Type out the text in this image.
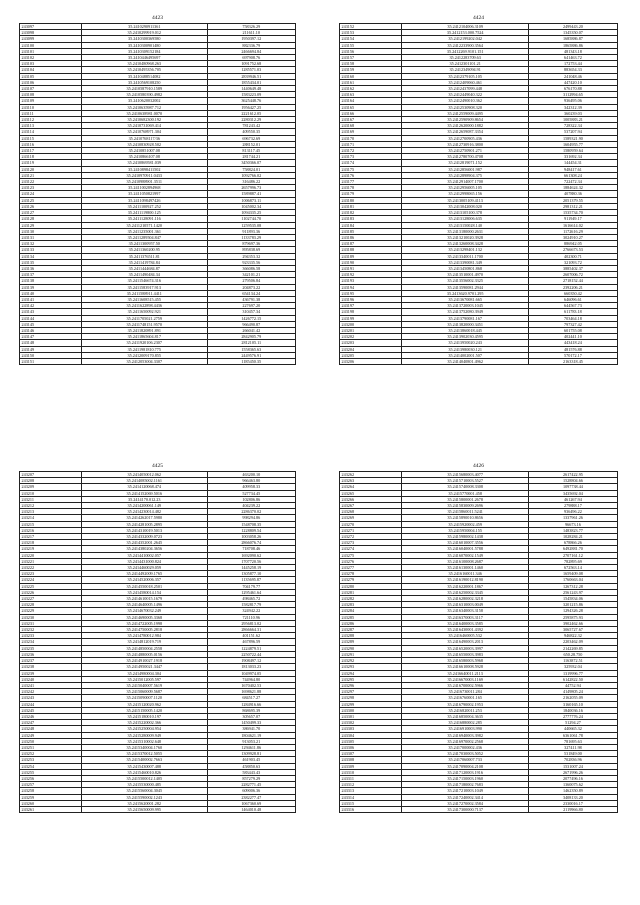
4423
243097	35.2410290911361	758326.29
243098	35.2410299919.012	211611.10
243099	35.2410300369580	1950397.12
243100	35.2410300901480	882336.79
243101	35.2410309152184	2466694.84
243102	35.2410446495697	697908.76
243103	35.2410480968.263	1091752.68
243104	35.2410495356.705	1285571.03
243105	35.2410488514082	2839946.51
243106	35.2410569108250	1855434.01
243107	35.2410587910.1589	1440649.48
243108	35.2410580390.4982	1583223.09
243109	35.2410620032002	3625448.76
243110	35.2410635987.712	1956427.25
243111	35.2410638981.0070	2221612.05
243112	35.2410682300.192	2280312.29
243113	35.2410731069.414	781243.42
243114	35.2410768971.304	409550.35
243115	35.2410768117/36	696732.69
243116	35.2410830928.502	288152.01
243117	35.2410851007.08	813117.45
243118	35.2410866107.08	281744.21
243119	35.2410869581.039	3450366.07
243120	35.2410898411502	758824.01
243121	35.2410970911.0433	1092766.02
243122	35.2410988901.3511	316486.22
243123	35.2411002894968	2657996.73
243124	35.2411050821997	1589887.41
243125	35.2411098497426	1006873.11
243126	35.2411100927.252	1045002.34
243127	35.2411119800.125	1094335.25
243128	35.2411128091.116	1102744.70
243129	35.2411210571.1420	1259535.08
243130	35.2411235001.361	911893.36
243131	35.2411289504.847	1133783.29
243132	35.2411300957.50	879697.36
243133	35.2411360200.95	895838.69
243134	35.2411376511.81	294353.32
243135	35.2411419784.84	923335.56
243136	35.2411444684.87	366086.58
243137	35.2411490484.34	342101.21
243138	35.2411546674.316	279506.84
243139	35.2411583917.913	204873.22
243140	35.2411588911.4411	654134.24
243141	35.2411608515.455	436791.38
243142	35.2411622898.4436	227697.20
243143	35.2411650092.921	310457.34
243144	35.2411705021.2759	1426772.15
243145	35.2411748151.9570	966490.87
243146	35.2411820891.891	266041.42
243147	35.2411865604.817	2842905.79
243148	35.2411920106.2307	2812105.11
243149	35.2411981810.775	1558365.63
243150	35.2412009170.855	2449576.91
243151	35.2412053004.3307	1185450.35
4424
243152	35.2412104006.3109	2499443.20
243153	35.2412153.000.7524	1345350.07
243154	35.2412199202.042	1685886.87
243155	35.2412233900.3564	1865886.86
243156	35.2412269.9101.151	481343.18
243157	35.2412283709.63	641463.72
243158	35.2412301101.21	172753.44
243159	35.2412349094.91	883654.33
243160	35.2412379105.105	241048.46
243161	35.2412409060.461	447420.10
243162	35.2412437099.448	676170.88
243163	35.2412449040.322	3112994.65
243164	35.2412490010.362	936495.06
243165	35.2412530908.320	342312.39
243166	35.2412559009.4495	360239.03
243167	35.2412590909.8654	1005883.21
243168	35.2412620000.1882	728322.34
243169	35.2412659087.3354	537207.94
243170	35.2412700905.436	1589321.90
243171	35.2412730916.3800	1604955.77
243172	35.2412750901.271	1580959.64
243173	35.2412780700.4708	331692.34
243174	35.2412819071.152	144454.31
243175	35.2412856001.987	948417.61
243176	35.2412898904.375	661308.24
243177	35.2412914007.1700	722472.34
243178	35.2412956005.105	1884624.32
243179	35.2412998065.156	407880.36
243180	35.2413005109.4113	2051379.55
243181	35.2413042008.020	2981312.21
243182	35.2413105100.378	1535734.70
243183	35.2413128006.635	911949.17
243184	35.2413150028.140	1616614.02
243185	35.2413180000.2631	1172616.29
243186	35.2413210020.3928	3024910.27
243187	35.2413260008.3428	886942.05
243188	35.2413298401.132	2766673.53
243189	35.2413340011.1700	402300.71
243190	35.2413390081.349	321093.72
243191	35.2413450801.868	3885402.37
243192	35.2413510001.4970	2607006.72
243193	35.2413556002.3325	2718152.44
243194	35.2413590081.2944	2392206.21
243195	35.2413620.9701.295	660350.42
243196	35.2413670081.665	646096.61
243197	35.2413720003.1045	644567.73
243198	35.2413752080.3949	611783.18
243199	35.2413790081.167	703464.18
243200	35.2413820000.3451	797327.42
243201	35.2413860018.445	601755.08
243202	35.2413902030.4595	402441.10
243203	35.2413950020.243	443418.24
243204	35.2413980030.121	481576.88
243205	35.2414002001.507	570172.17
243206	35.2414040801.4962	2163318.45
4425
243207	35.2414050012.062	463200.10
243208	35.2414085002.1161	966463.80
243209	35.2414120068.474	409958.33
243210	35.2414152069.5016	527734.45
243211	35.2414170.012.23	102806.86
243212	35.2414200061.149	404239.22
243213	35.2414230014.482	2286370.02
243214	35.2414262017.5980	998294.86
243215	35.2414281005.2895	1548708.35
243216	35.2414310019.5013	1228809.54
243217	35.2414332009.0723	1003058.26
243218	35.2414352001.2645	2866076.74
243219	35.2414380204.3656	718708.46
243220	35.2414410002.057	1692090.62
243221	35.2414431000.824	1707720.56
243222	35.2414460029.059	1445258.19
243223	35.2414492009.1765	1305877.10
243224	35.2414520006.357	1135695.87
243225	35.2414550018.2501	704179.77
243226	35.2414580014.154	1295461.64
243227	35.2414610015.1679	498465.72
243228	35.2414640005.1496	1582817.79
243229	35.2414670032.249	324942.22
243230	35.2414690005.3368	721110.96
243231	35.2414722005.1998	2956813.02
243232	35.2414750005.2818	2866664.31
243233	35.2414780012.984	401151.62
243234	35.2414812019.719	467896.59
243235	35.2414850004.2558	1224879.51
243236	35.2414880005.0156	2250722.44
243237	35.2414910027.1918	1908497.12
243238	35.2414950021.3447	1813033.23
243239	35.2414980004.304	1049974.05
243240	35.2415012005.597	744964.80
243241	35.2415040007.5619	1670402.53
243242	35.2415060009.5687	1698621.88
243243	35.2415090007.1120	684517.27
243244	35.2415120020.962	1284916.66
243245	35.2415150005.1420	868695.39
243246	35.2415180010.197	305657.07
243247	35.2415220002.366	1450499.33
243248	35.2415250004.954	386941.70
243249	35.2415280009.949	1804621.19
243250	35.2415310002.648	913053.21
243251	35.2415340004.1760	1294611.86
243252	35.2415370012.5055	1309928.81
243253	35.2415400002.7663	461903.45
243254	35.2415430007.488	458850.63
243255	35.2415460010.826	583443.43
243256	35.2415500012.1405	857279.29
243257	35.2415530000.485	2282771.45
243258	35.2415560004.3045	609006.36
243259	35.2415590002.1243	2382277.47
243260	35.2415620001.282	1067360.69
243261	35.2415650009.995	1464010.48
4426
243262	35.2415680003.4077	2617422.95
243263	35.2415710003.5527	1528804.66
243264	35.2415740008.3308	1097738.44
243265	35.2415770001.458	3435692.04
243266	35.2415800001.2678	461267.94
243267	35.2415830009.2696	279888.17
243268	35.2415860011.5241	936496.22
243269	35.2415890010.8656	1337961.26
243270	35.2415920002.459	96673.16
243271	35.2415950004.155	1483823.77
243272	35.2415980002.1438	1028284.21
243273	35.2416010007.3556	678866.26
243274	35.2416040001.5788	6492881.70
243275	35.2416070002.1549	2707161.12
243276	35.2416100008.2687	782895.69
243277	35.2416130001.1460	672563.14
243278	35.2416160011.346	1659409.08
243279	35.2416190012.8190	1760663.04
243280	35.2416220001.1867	1267312.28
243281	35.2416250002.3345	2561243.97
243282	35.2416280002.3218	1545834.06
243283	35.2416310003.0049	3201215.86
243284	35.2416340003.3158	1294326.28
243285	35.2416370003.3117	2595875.93
243286	35.2416400003.3585	3902462.66
243287	35.2416430001.4392	3065727.67
243288	35.2416460005.532	946822.32
243289	35.2416490003.2013	2203462.09
243290	35.2416520003.3997	2142269.85
243291	35.2416550003.3983	650.28.750
243292	35.2416580003.5968	1163872.51
243293	35.2416610008.5928	325932.04
243294	35.2416640011.2113	1319996.77
243295	35.2416670003.1169	6142822.50
243296	35.2416700002.5966	44752.94
243297	35.2416730011.284	4149805.24
243298	35.2416760001.165	2162055.09
243299	35.2416790002.1953	3160165.10
243300	35.2416820011.253	1840036.16
243301	35.2416850004.3635	2777776.24
243302	35.2416880002.285	51294.27
243303	35.2416910003.990	440665.32
243304	35.2416940003.3982	6361061.78
243305	35.2416970002.2568	781695.63
243306	35.2417000002.436	327411.98
243307	35.2417030003.5052	531849.00
243308	35.2417060007.733	702836.96
243309	35.2417090004.2108	1531007.24
243310	35.2417120003.1916	2671996.26
243311	35.2417150003.1960	2077496.16
243312	35.2417180002.7683	1360075.62
243313	35.2417210003.1049	1462350.89
243314	35.2417240002.3414	3408133.20
243315	35.2417270002.3584	2330016.17
243316	35.2417300000.7137	2119966.80
